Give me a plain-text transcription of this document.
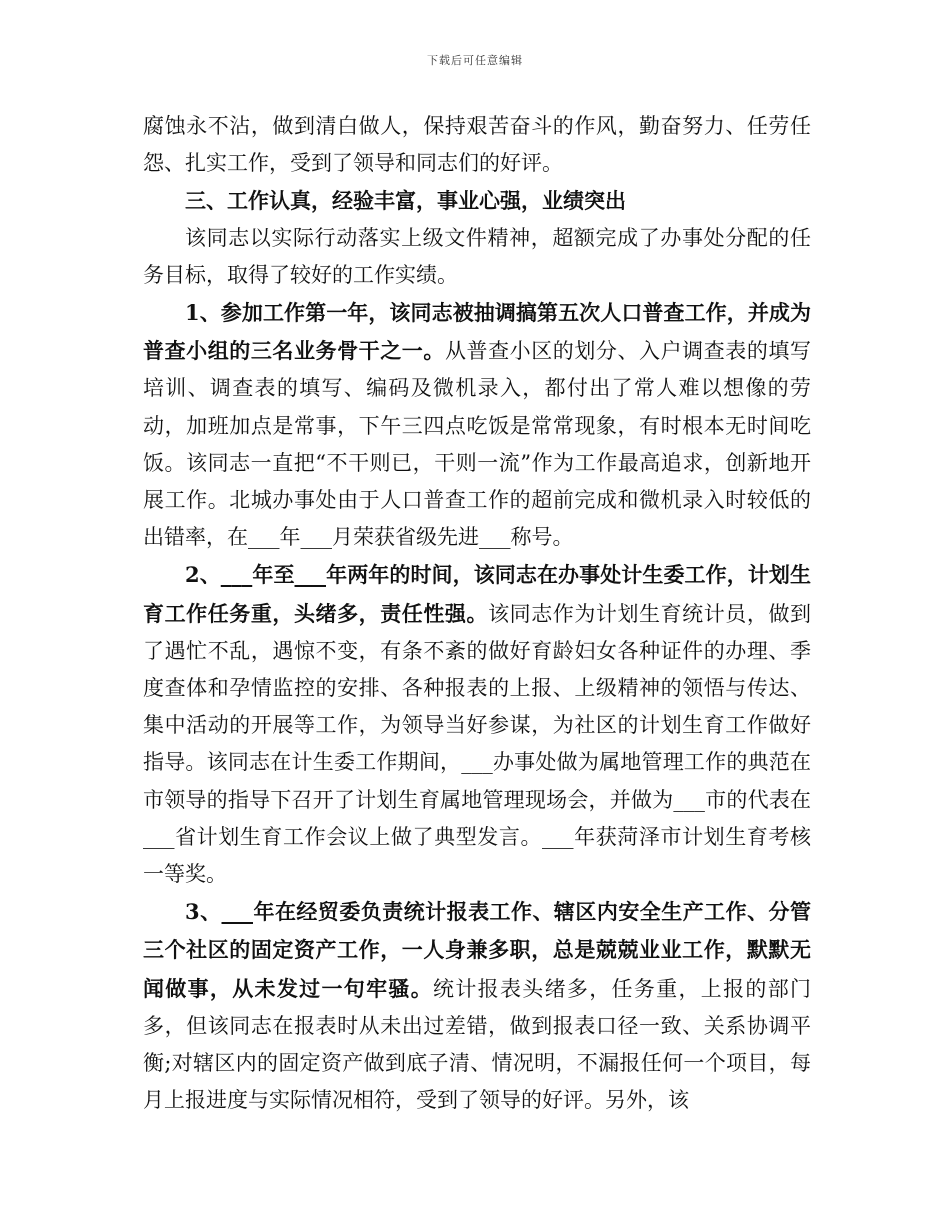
下载后可任意编辑

腐蚀永不沾，做到清白做人，保持艰苦奋斗的作风，勤奋努力、任劳任怨、扎实工作，受到了领导和同志们的好评。

三、工作认真，经验丰富，事业心强，业绩突出

该同志以实际行动落实上级文件精神，超额完成了办事处分配的任务目标，取得了较好的工作实绩。

1、参加工作第一年，该同志被抽调搞第五次人口普查工作，并成为普查小组的三名业务骨干之一。从普查小区的划分、入户调查表的填写培训、调查表的填写、编码及微机录入，都付出了常人难以想像的劳动，加班加点是常事，下午三四点吃饭是常常现象，有时根本无时间吃饭。该同志一直把“不干则已，干则一流”作为工作最高追求，创新地开展工作。北城办事处由于人口普查工作的超前完成和微机录入时较低的出错率，在___年___月荣获省级先进___称号。

2、___年至___年两年的时间，该同志在办事处计生委工作，计划生育工作任务重，头绪多，责任性强。该同志作为计划生育统计员，做到了遇忙不乱，遇惊不变，有条不紊的做好育龄妇女各种证件的办理、季度查体和孕情监控的安排、各种报表的上报、上级精神的领悟与传达、集中活动的开展等工作，为领导当好参谋，为社区的计划生育工作做好指导。该同志在计生委工作期间，___办事处做为属地管理工作的典范在市领导的指导下召开了计划生育属地管理现场会，并做为___市的代表在___省计划生育工作会议上做了典型发言。___年获菏泽市计划生育考核一等奖。

3、___年在经贸委负责统计报表工作、辖区内安全生产工作、分管三个社区的固定资产工作，一人身兼多职，总是兢兢业业工作，默默无闻做事，从未发过一句牢骚。统计报表头绪多，任务重，上报的部门多，但该同志在报表时从未出过差错，做到报表口径一致、关系协调平衡;对辖区内的固定资产做到底子清、情况明，不漏报任何一个项目，每月上报进度与实际情况相符，受到了领导的好评。另外，该
